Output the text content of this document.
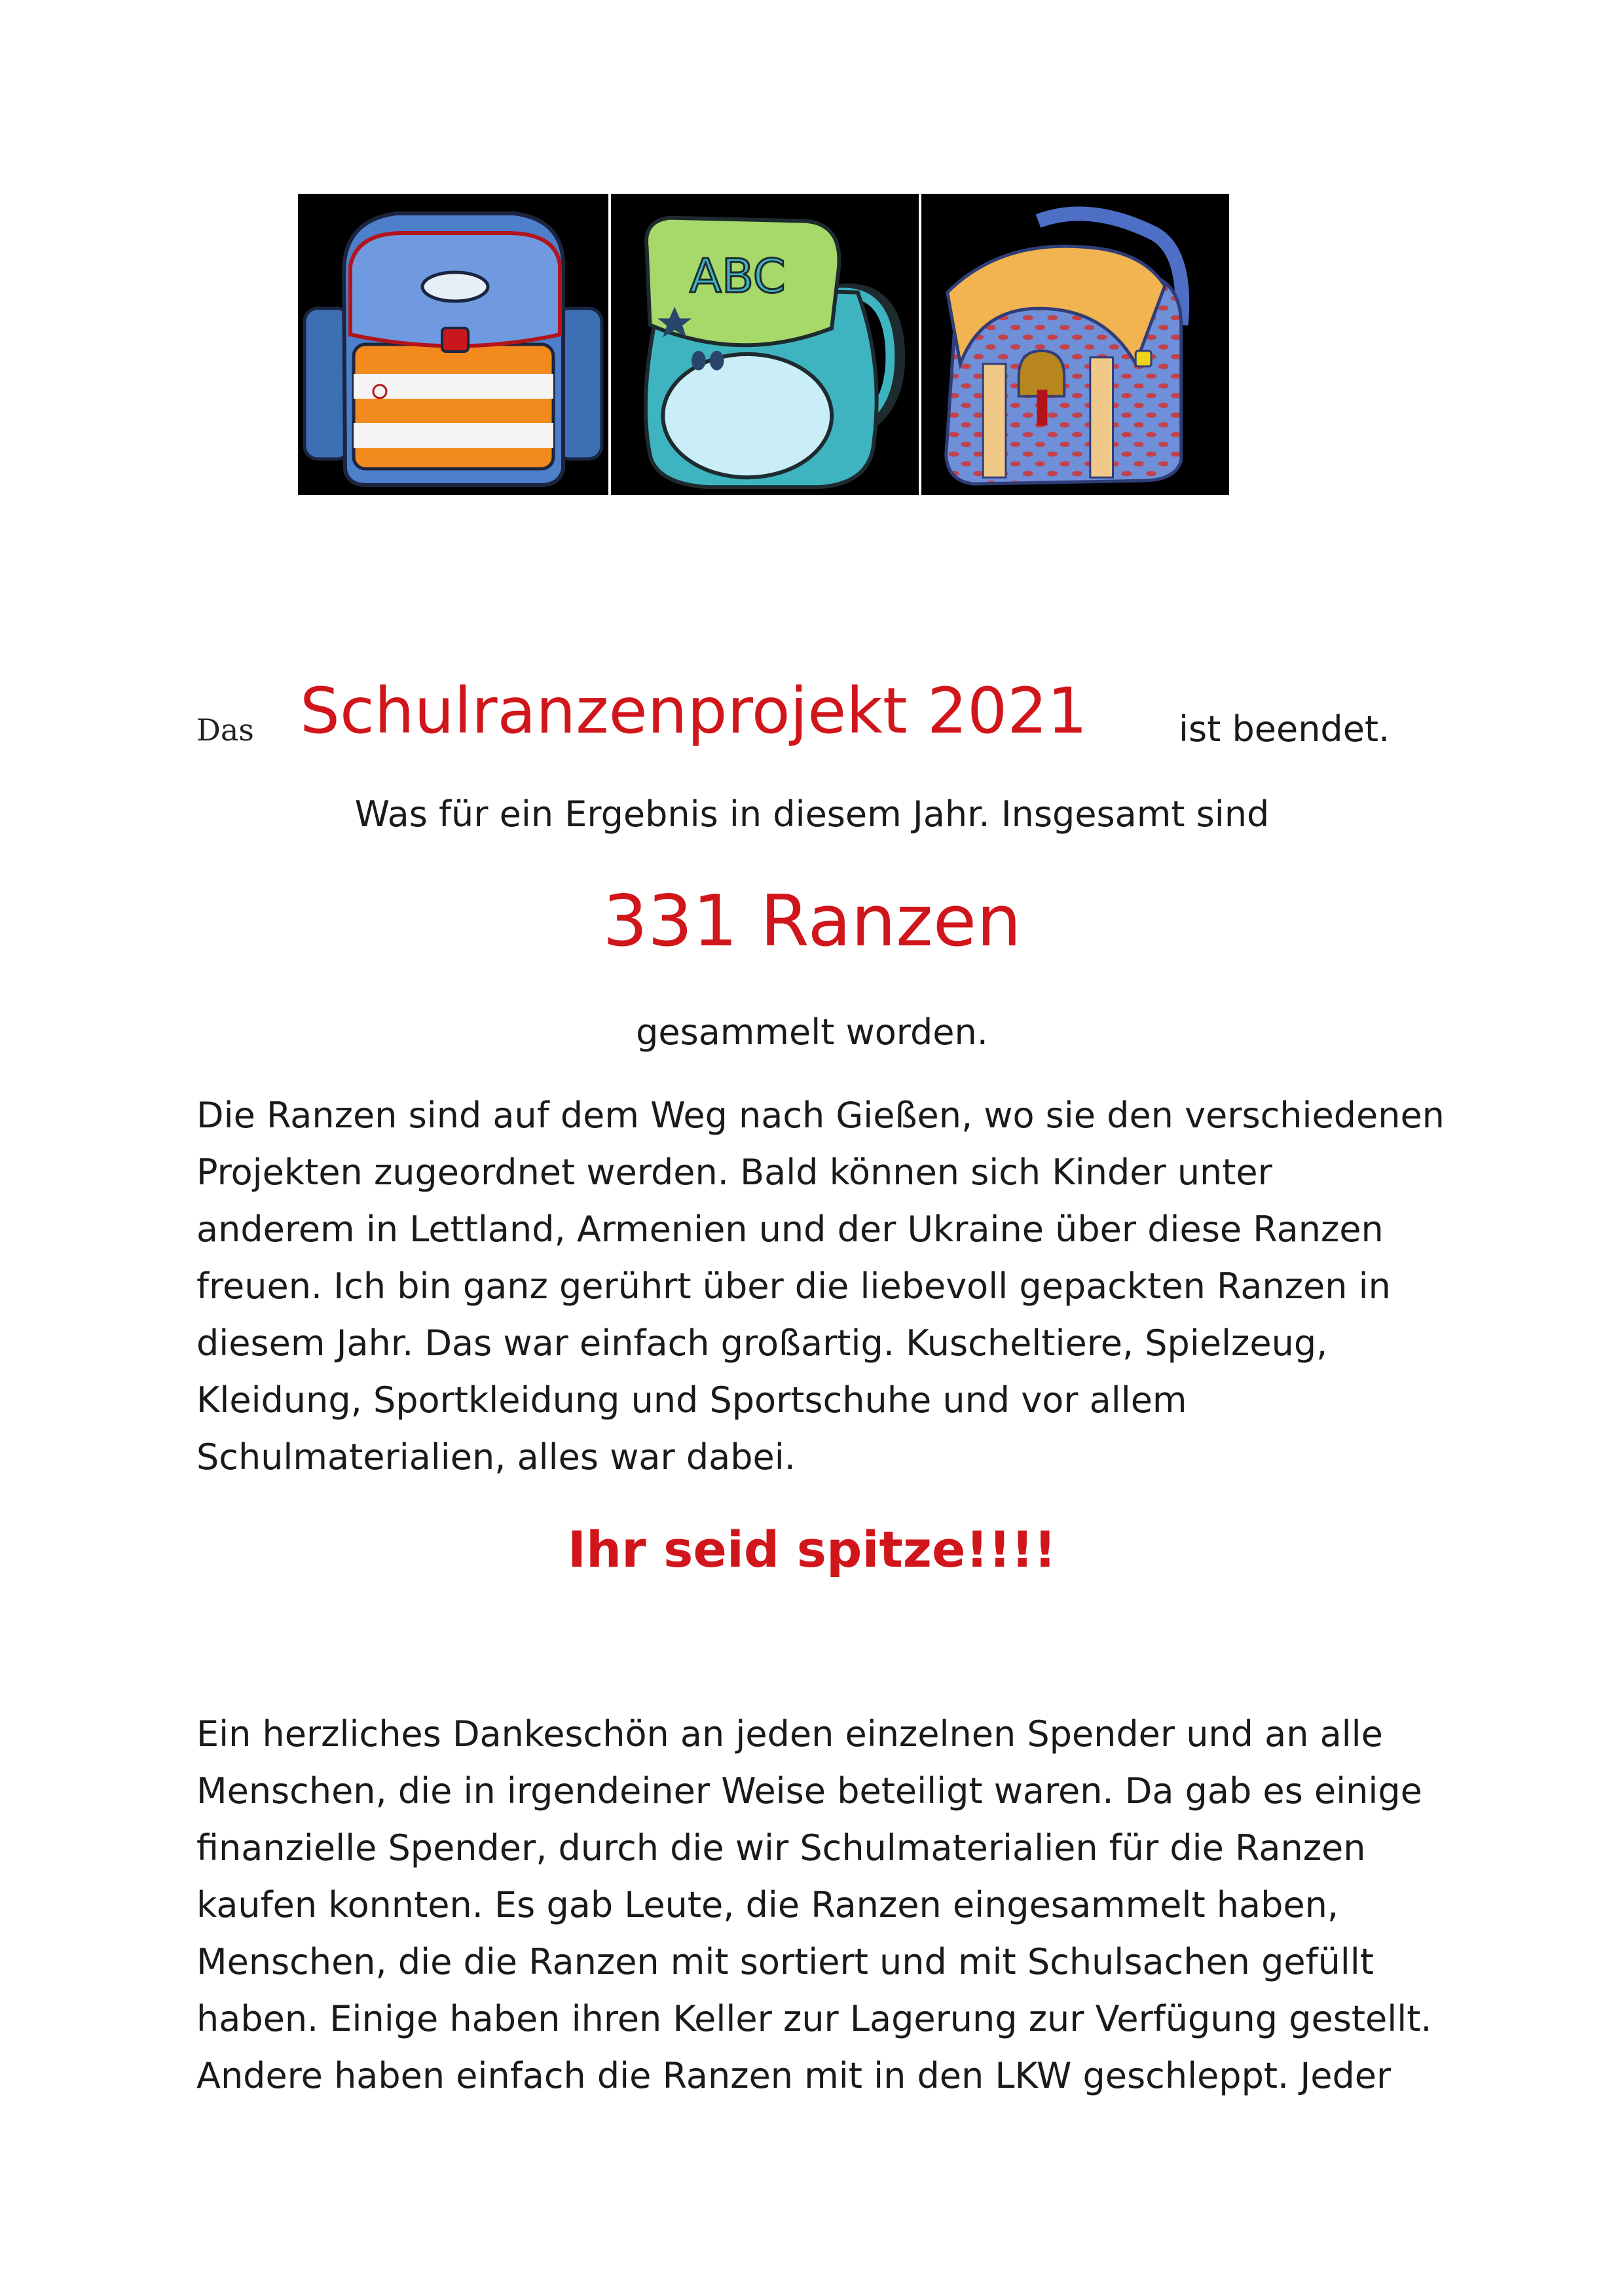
ABC
Das Schulranzenprojekt 2021	ist beendet.
Was für ein Ergebnis in diesem Jahr. Insgesamt sind
331 Ranzen
gesammelt worden.
Die Ranzen sind auf dem Weg nach Gießen, wo sie den verschiedenen
Projekten zugeordnet werden. Bald können sich Kinder unter
anderem in Lettland, Armenien und der Ukraine über diese Ranzen
freuen. Ich bin ganz gerührt über die liebevoll gepackten Ranzen in
diesem Jahr. Das war einfach großartig. Kuscheltiere, Spielzeug,
Kleidung, Sportkleidung und Sportschuhe und vor allem
Schulmaterialien, alles war dabei.
Ihr seid spitze!!!!
Ein herzliches Dankeschön an jeden einzelnen Spender und an alle
Menschen, die in irgendeiner Weise beteiligt waren. Da gab es einige
finanzielle Spender, durch die wir Schulmaterialien für die Ranzen
kaufen konnten. Es gab Leute, die Ranzen eingesammelt haben,
Menschen, die die Ranzen mit sortiert und mit Schulsachen gefüllt
haben. Einige haben ihren Keller zur Lagerung zur Verfügung gestellt.
Andere haben einfach die Ranzen mit in den LKW geschleppt. Jeder
